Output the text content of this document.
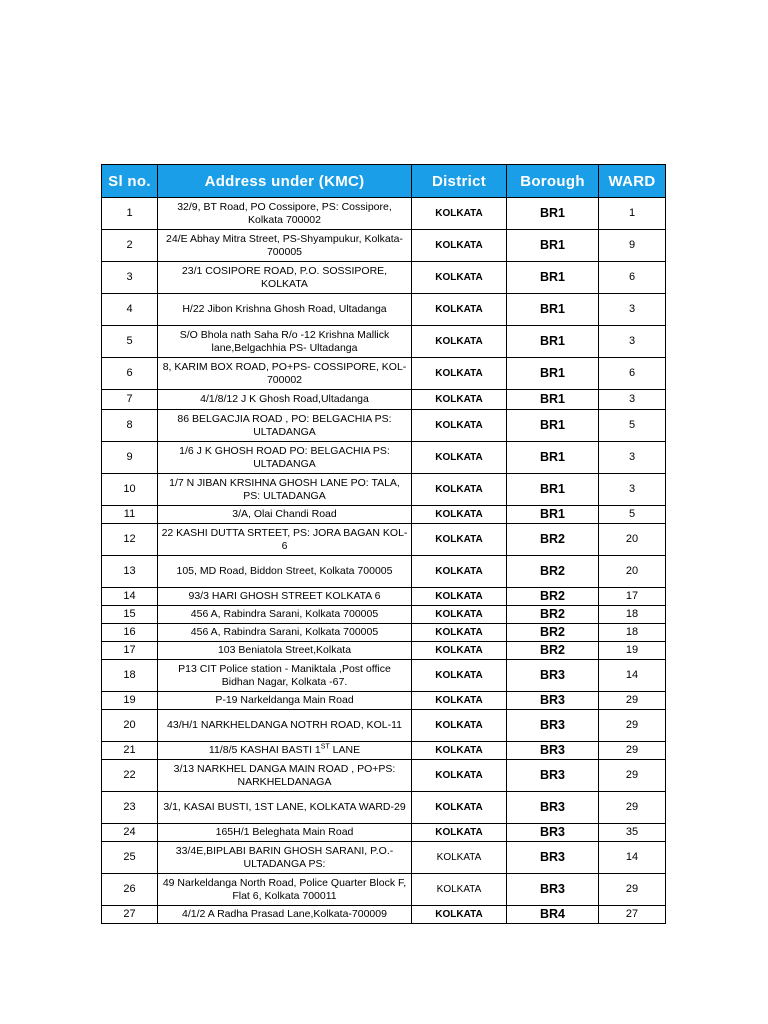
Sl no.	Address under (KMC)	District	Borough	WARD
1	32/9, BT Road, PO Cossipore, PS: Cossipore, Kolkata 700002	KOLKATA	BR1	1
2	24/E Abhay Mitra Street, PS-Shyampukur, Kolkata-700005	KOLKATA	BR1	9
3	23/1 COSIPORE ROAD, P.O. SOSSIPORE, KOLKATA	KOLKATA	BR1	6
4	H/22 Jibon Krishna Ghosh Road, Ultadanga	KOLKATA	BR1	3
5	S/O Bhola nath Saha R/o -12 Krishna Mallick lane,Belgachhia PS- Ultadanga	KOLKATA	BR1	3
6	8, KARIM BOX ROAD, PO+PS- COSSIPORE, KOL-700002	KOLKATA	BR1	6
7	4/1/8/12 J K Ghosh Road,Ultadanga	KOLKATA	BR1	3
8	86 BELGACJIA ROAD , PO: BELGACHIA PS: ULTADANGA	KOLKATA	BR1	5
9	1/6 J K GHOSH ROAD PO: BELGACHIA PS: ULTADANGA	KOLKATA	BR1	3
10	1/7 N JIBAN KRSIHNA GHOSH LANE PO: TALA, PS: ULTADANGA	KOLKATA	BR1	3
11	3/A, Olai Chandi Road	KOLKATA	BR1	5
12	22 KASHI DUTTA SRTEET, PS: JORA BAGAN KOL-6	KOLKATA	BR2	20
13	105, MD Road, Biddon Street, Kolkata 700005	KOLKATA	BR2	20
14	93/3 HARI GHOSH STREET KOLKATA 6	KOLKATA	BR2	17
15	456 A, Rabindra Sarani, Kolkata 700005	KOLKATA	BR2	18
16	456 A, Rabindra Sarani, Kolkata 700005	KOLKATA	BR2	18
17	103 Beniatola Street,Kolkata	KOLKATA	BR2	19
18	P13 CIT Police station - Maniktala ,Post office Bidhan Nagar, Kolkata -67.	KOLKATA	BR3	14
19	P-19 Narkeldanga Main Road	KOLKATA	BR3	29
20	43/H/1 NARKHELDANGA NOTRH ROAD, KOL-11	KOLKATA	BR3	29
21	11/8/5 KASHAI BASTI 1ST LANE	KOLKATA	BR3	29
22	3/13 NARKHEL DANGA MAIN ROAD , PO+PS: NARKHELDANAGA	KOLKATA	BR3	29
23	3/1, KASAI BUSTI, 1ST LANE, KOLKATA WARD-29	KOLKATA	BR3	29
24	165H/1 Beleghata Main Road	KOLKATA	BR3	35
25	33/4E,BIPLABI BARIN GHOSH SARANI, P.O.- ULTADANGA PS:	KOLKATA	BR3	14
26	49 Narkeldanga North Road, Police Quarter Block F, Flat 6, Kolkata 700011	KOLKATA	BR3	29
27	4/1/2 A Radha Prasad Lane,Kolkata-700009	KOLKATA	BR4	27
